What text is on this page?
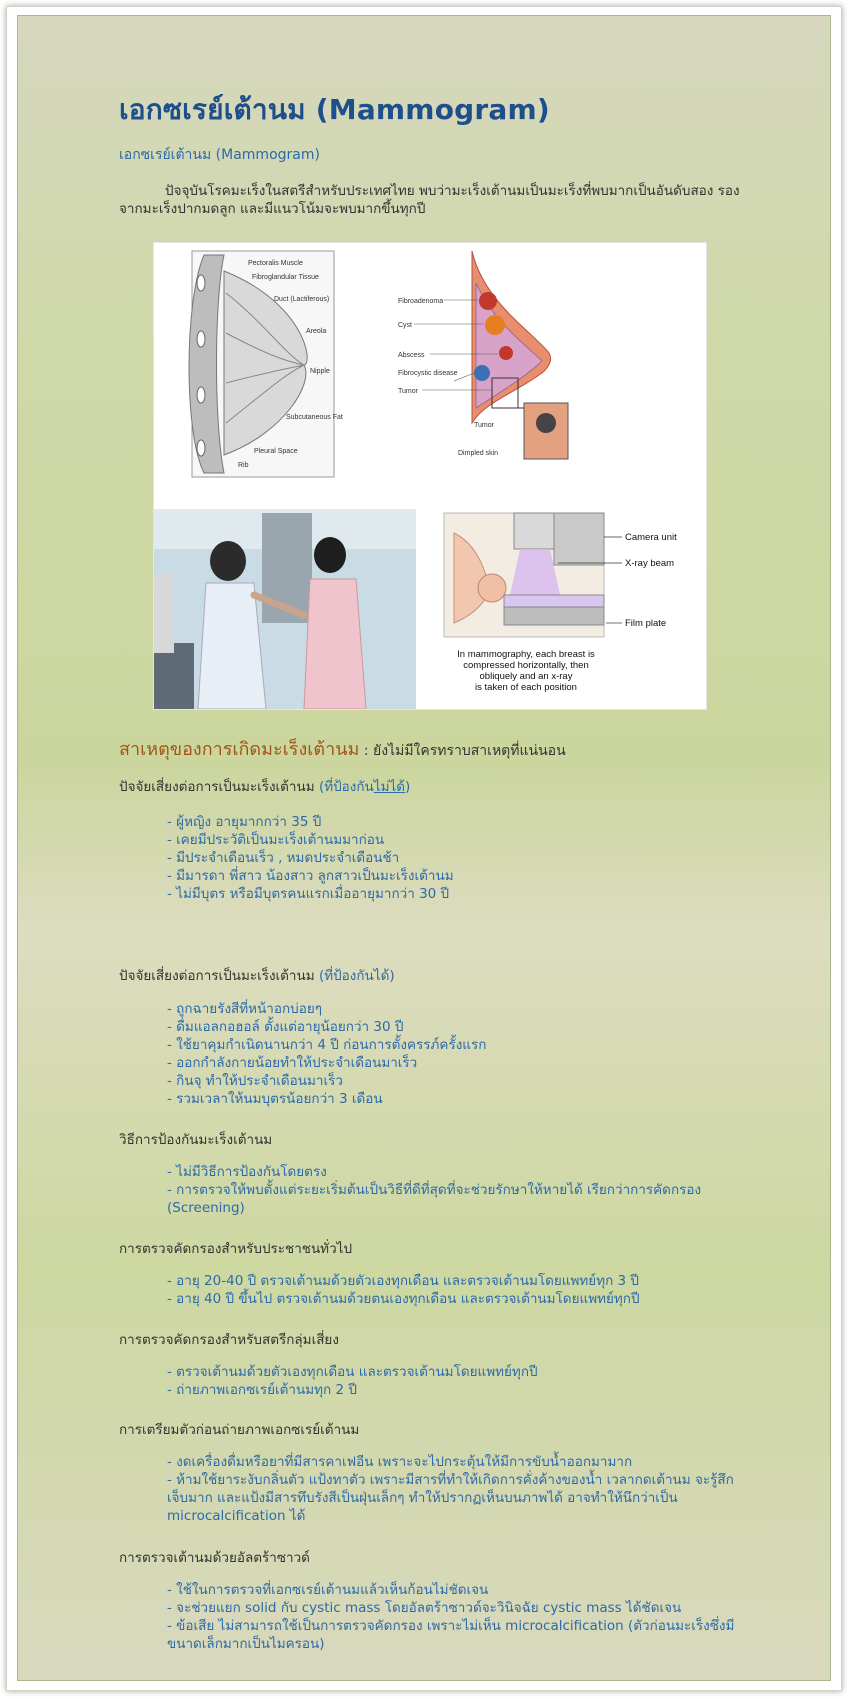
เอกซเรย์เต้านม (Mammogram)
เอกซเรย์เต้านม (Mammogram)
ปัจจุบันโรคมะเร็งในสตรีสำหรับประเทศไทย พบว่ามะเร็งเต้านมเป็นมะเร็งที่พบมากเป็นอันดับสอง รองจากมะเร็งปากมดลูก และมีแนวโน้มจะพบมากขึ้นทุกปี
Pectoralis Muscle
Fibroglandular Tissue
Duct (Lactiferous)
Areola
Nipple
Subcutaneous Fat
Pleural Space
Rib
Fibroadenoma
Cyst
Abscess
Fibrocystic disease
Tumor
Tumor
Dimpled skin
Camera unit
X-ray beam
Film plate
In mammography, each breast is
compressed horizontally, then
obliquely and an x-ray
is taken of each position
สาเหตุของการเกิดมะเร็งเต้านม : ยังไม่มีใครทราบสาเหตุที่แน่นอน
ปัจจัยเสี่ยงต่อการเป็นมะเร็งเต้านม (ที่ป้องกันไม่ได้)
- ผู้หญิง อายุมากกว่า 35 ปี
- เคยมีประวัติเป็นมะเร็งเต้านมมาก่อน
- มีประจำเดือนเร็ว , หมดประจำเดือนช้า
- มีมารดา พี่สาว น้องสาว ลูกสาวเป็นมะเร็งเต้านม
- ไม่มีบุตร หรือมีบุตรคนแรกเมื่ออายุมากว่า 30 ปี
ปัจจัยเสี่ยงต่อการเป็นมะเร็งเต้านม (ที่ป้องกันได้)
- ถูกฉายรังสีที่หน้าอกบ่อยๆ
- ดื่มแอลกอฮอล์ ตั้งแต่อายุน้อยกว่า 30 ปี
- ใช้ยาคุมกำเนิดนานกว่า 4 ปี ก่อนการตั้งครรภ์ครั้งแรก
- ออกกำลังกายน้อยทำให้ประจำเดือนมาเร็ว
- กินจุ ทำให้ประจำเดือนมาเร็ว
- รวมเวลาให้นมบุตรน้อยกว่า 3 เดือน
วิธีการป้องกันมะเร็งเต้านม
- ไม่มีวิธีการป้องกันโดยตรง
- การตรวจให้พบตั้งแต่ระยะเริ่มต้นเป็นวิธีที่ดีที่สุดที่จะช่วยรักษาให้หายได้ เรียกว่าการคัดกรอง (Screening)
การตรวจคัดกรองสำหรับประชาชนทั่วไป
- อายุ 20-40 ปี ตรวจเต้านมด้วยตัวเองทุกเดือน และตรวจเต้านมโดยแพทย์ทุก 3 ปี
- อายุ 40 ปี ขึ้นไป ตรวจเต้านมด้วยตนเองทุกเดือน และตรวจเต้านมโดยแพทย์ทุกปี
การตรวจคัดกรองสำหรับสตรีกลุ่มเสี่ยง
- ตรวจเต้านมด้วยตัวเองทุกเดือน และตรวจเต้านมโดยแพทย์ทุกปี
- ถ่ายภาพเอกซเรย์เต้านมทุก 2 ปี
การเตรียมตัวก่อนถ่ายภาพเอกซเรย์เต้านม
- งดเครื่องดื่มหรือยาที่มีสารคาเฟอีน เพราะจะไปกระตุ้นให้มีการขับน้ำออกมามาก
- ห้ามใช้ยาระงับกลิ่นตัว แป้งทาตัว เพราะมีสารที่ทำให้เกิดการคั่งค้างของน้ำ เวลากดเต้านม จะรู้สึกเจ็บมาก และแป้งมีสารทึบรังสีเป็นฝุ่นเล็กๆ ทำให้ปรากฏเห็นบนภาพได้ อาจทำให้นึกว่าเป็น microcalcification ได้
การตรวจเต้านมด้วยอัลตร้าซาวด์
- ใช้ในการตรวจที่เอกซเรย์เต้านมแล้วเห็นก้อนไม่ชัดเจน
- จะช่วยแยก solid กับ cystic mass โดยอัลตร้าซาวด์จะวินิจฉัย cystic mass ได้ชัดเจน
- ข้อเสีย ไม่สามารถใช้เป็นการตรวจคัดกรอง เพราะไม่เห็น microcalcification (ตัวก่อนมะเร็งซึ่งมีขนาดเล็กมากเป็นไมครอน)
